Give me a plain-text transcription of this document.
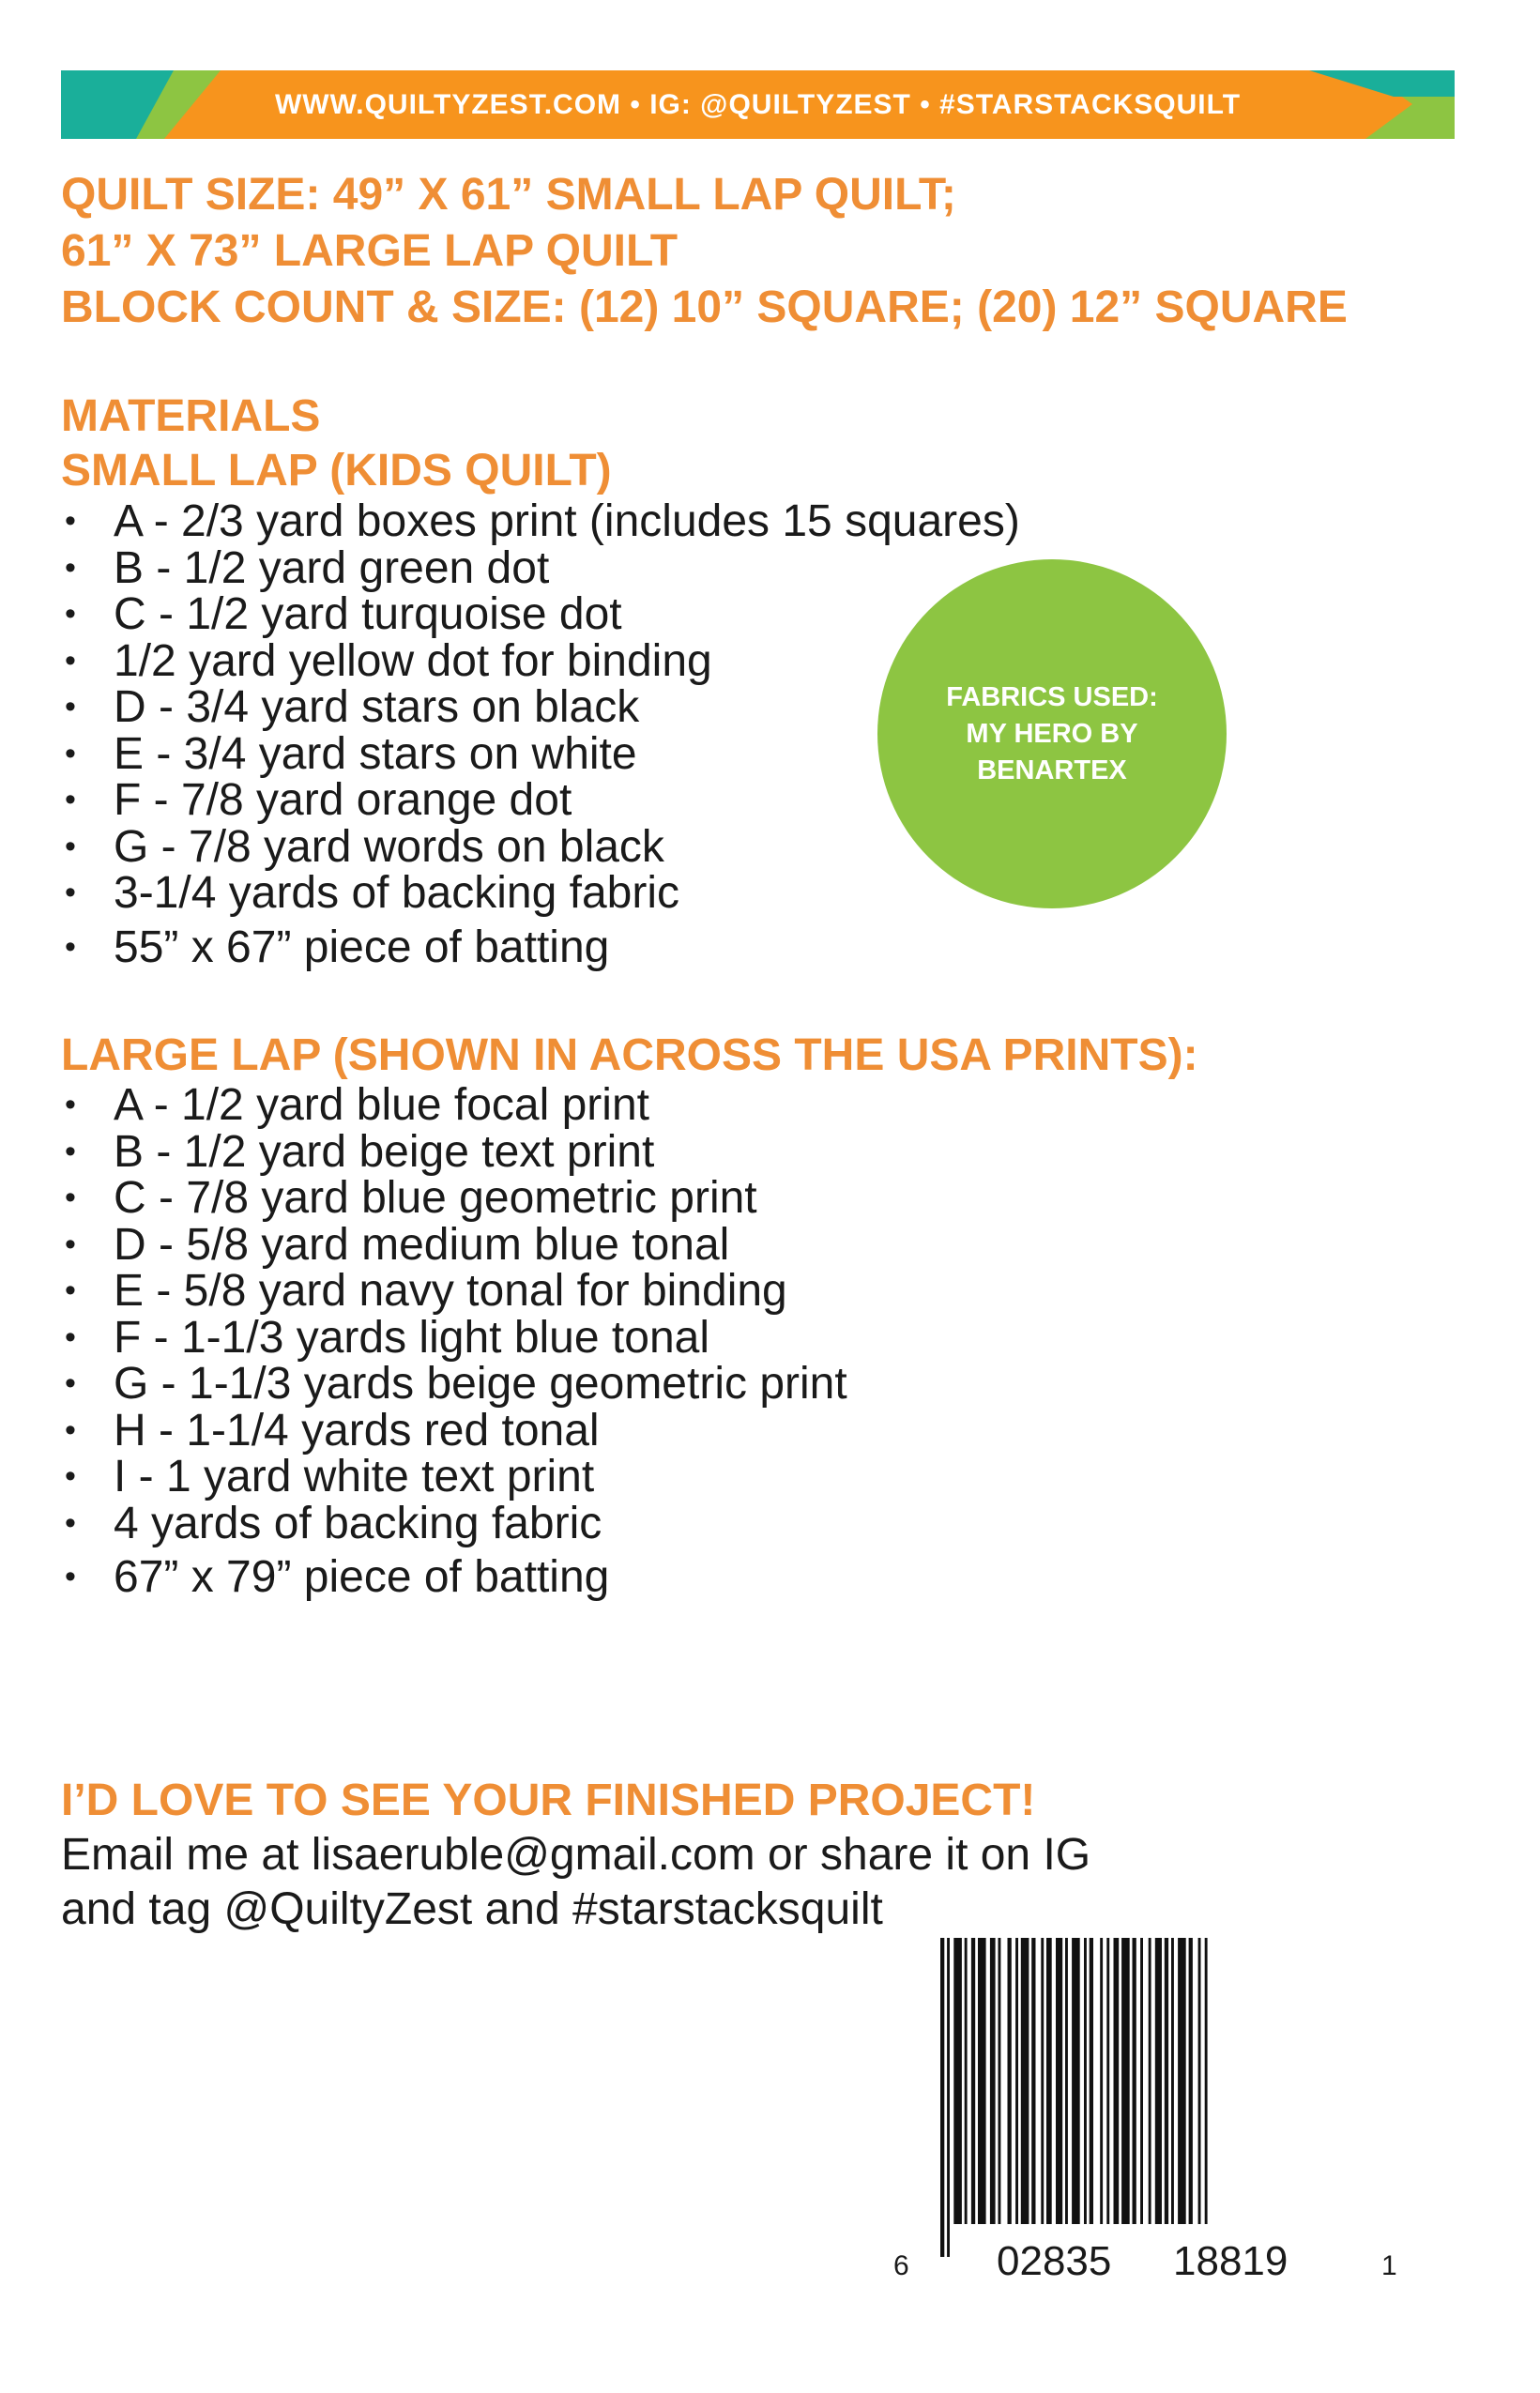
WWW.QUILTYZEST.COM • IG: @QUILTYZEST • #STARSTACKSQUILT
QUILT SIZE: 49” X 61” SMALL LAP QUILT;
61” X 73” LARGE LAP QUILT
BLOCK COUNT & SIZE: (12) 10” SQUARE; (20) 12” SQUARE
MATERIALS
SMALL LAP (KIDS QUILT)
• A - 2/3 yard boxes print (includes 15 squares)
• B - 1/2 yard green dot
• C - 1/2 yard turquoise dot
• 1/2 yard yellow dot for binding
• D - 3/4 yard stars on black
• E - 3/4 yard stars on white
• F - 7/8 yard orange dot
• G - 7/8 yard words on black
• 3-1/4 yards of backing fabric
• 55” x 67” piece of batting
FABRICS USED:
MY HERO BY
BENARTEX
LARGE LAP (SHOWN IN ACROSS THE USA PRINTS):
• A - 1/2 yard blue focal print
• B - 1/2 yard beige text print
• C - 7/8 yard blue geometric print
• D - 5/8 yard medium blue tonal
• E - 5/8 yard navy tonal for binding
• F - 1-1/3 yards light blue tonal
• G - 1-1/3 yards beige geometric print
• H - 1-1/4 yards red tonal
• I - 1 yard white text print
• 4 yards of backing fabric
• 67” x 79” piece of batting
I’D LOVE TO SEE YOUR FINISHED PROJECT!
Email me at lisaeruble@gmail.com or share it on IG
and tag @QuiltyZest and #starstacksquilt
6 02835 18819	1
